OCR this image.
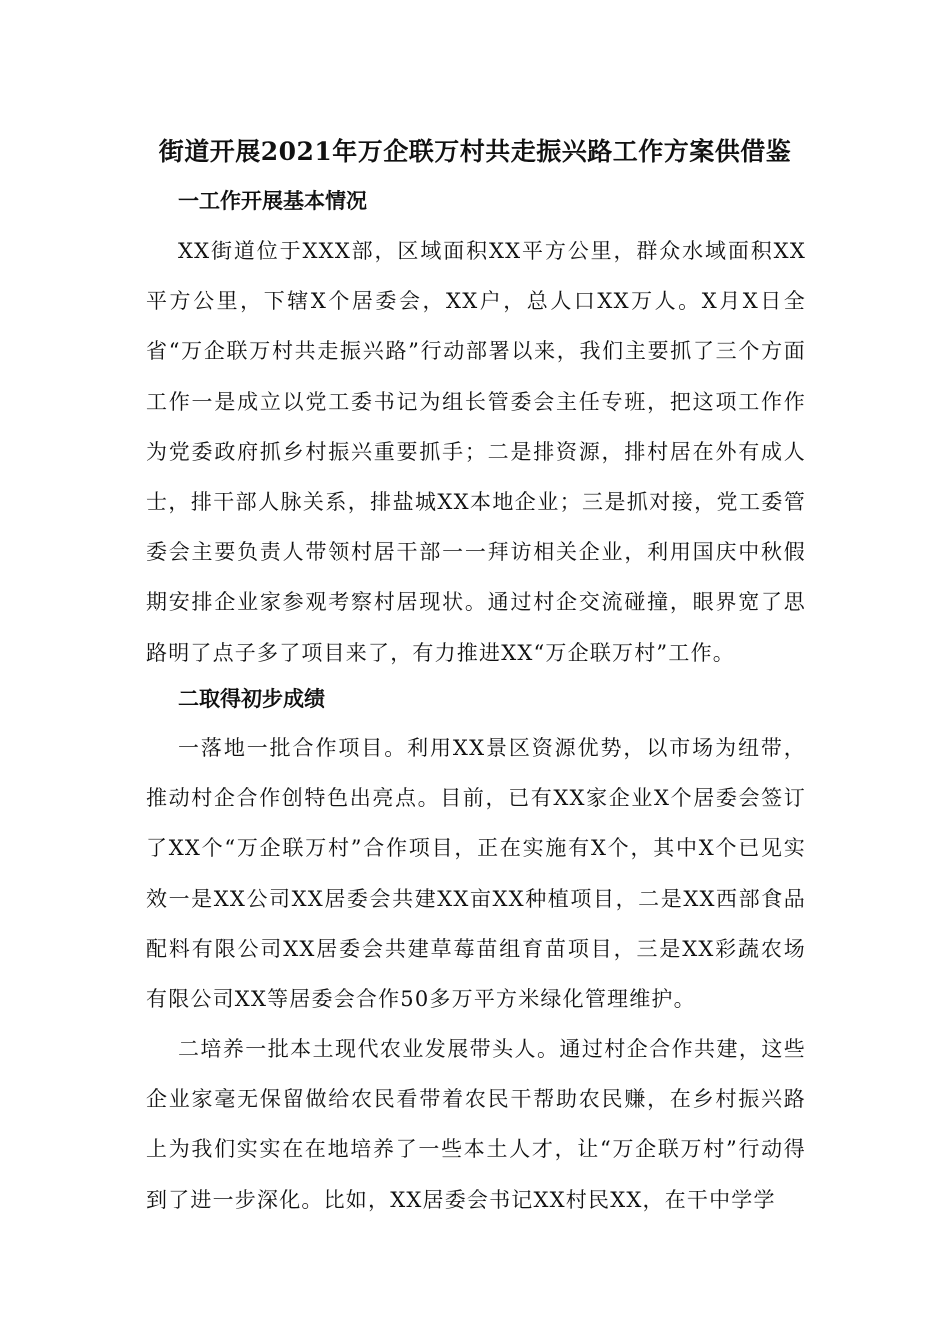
街道开展2021年万企联万村共走振兴路工作方案供借鉴
一工作开展基本情况

XX街道位于XXX部，区域面积XX平方公里，群众水域面积XX平方公里，下辖X个居委会，XX户，总人口XX万人。X月X日全省“万企联万村共走振兴路”行动部署以来，我们主要抓了三个方面工作一是成立以党工委书记为组长管委会主任专班，把这项工作作为党委政府抓乡村振兴重要抓手；二是排资源，排村居在外有成人士，排干部人脉关系，排盐城XX本地企业；三是抓对接，党工委管委会主要负责人带领村居干部一一拜访相关企业，利用国庆中秋假期安排企业家参观考察村居现状。通过村企交流碰撞，眼界宽了思路明了点子多了项目来了，有力推进XX“万企联万村”工作。

二取得初步成绩

一落地一批合作项目。利用XX景区资源优势，以市场为纽带，推动村企合作创特色出亮点。目前，已有XX家企业X个居委会签订了XX个“万企联万村”合作项目，正在实施有X个，其中X个已见实效一是XX公司XX居委会共建XX亩XX种植项目，二是XX西部食品配料有限公司XX居委会共建草莓苗组育苗项目，三是XX彩蔬农场有限公司XX等居委会合作50多万平方米绿化管理维护。

二培养一批本土现代农业发展带头人。通过村企合作共建，这些企业家毫无保留做给农民看带着农民干帮助农民赚，在乡村振兴路上为我们实实在在地培养了一些本土人才，让“万企联万村”行动得到了进一步深化。比如，XX居委会书记XX村民XX，在干中学学
